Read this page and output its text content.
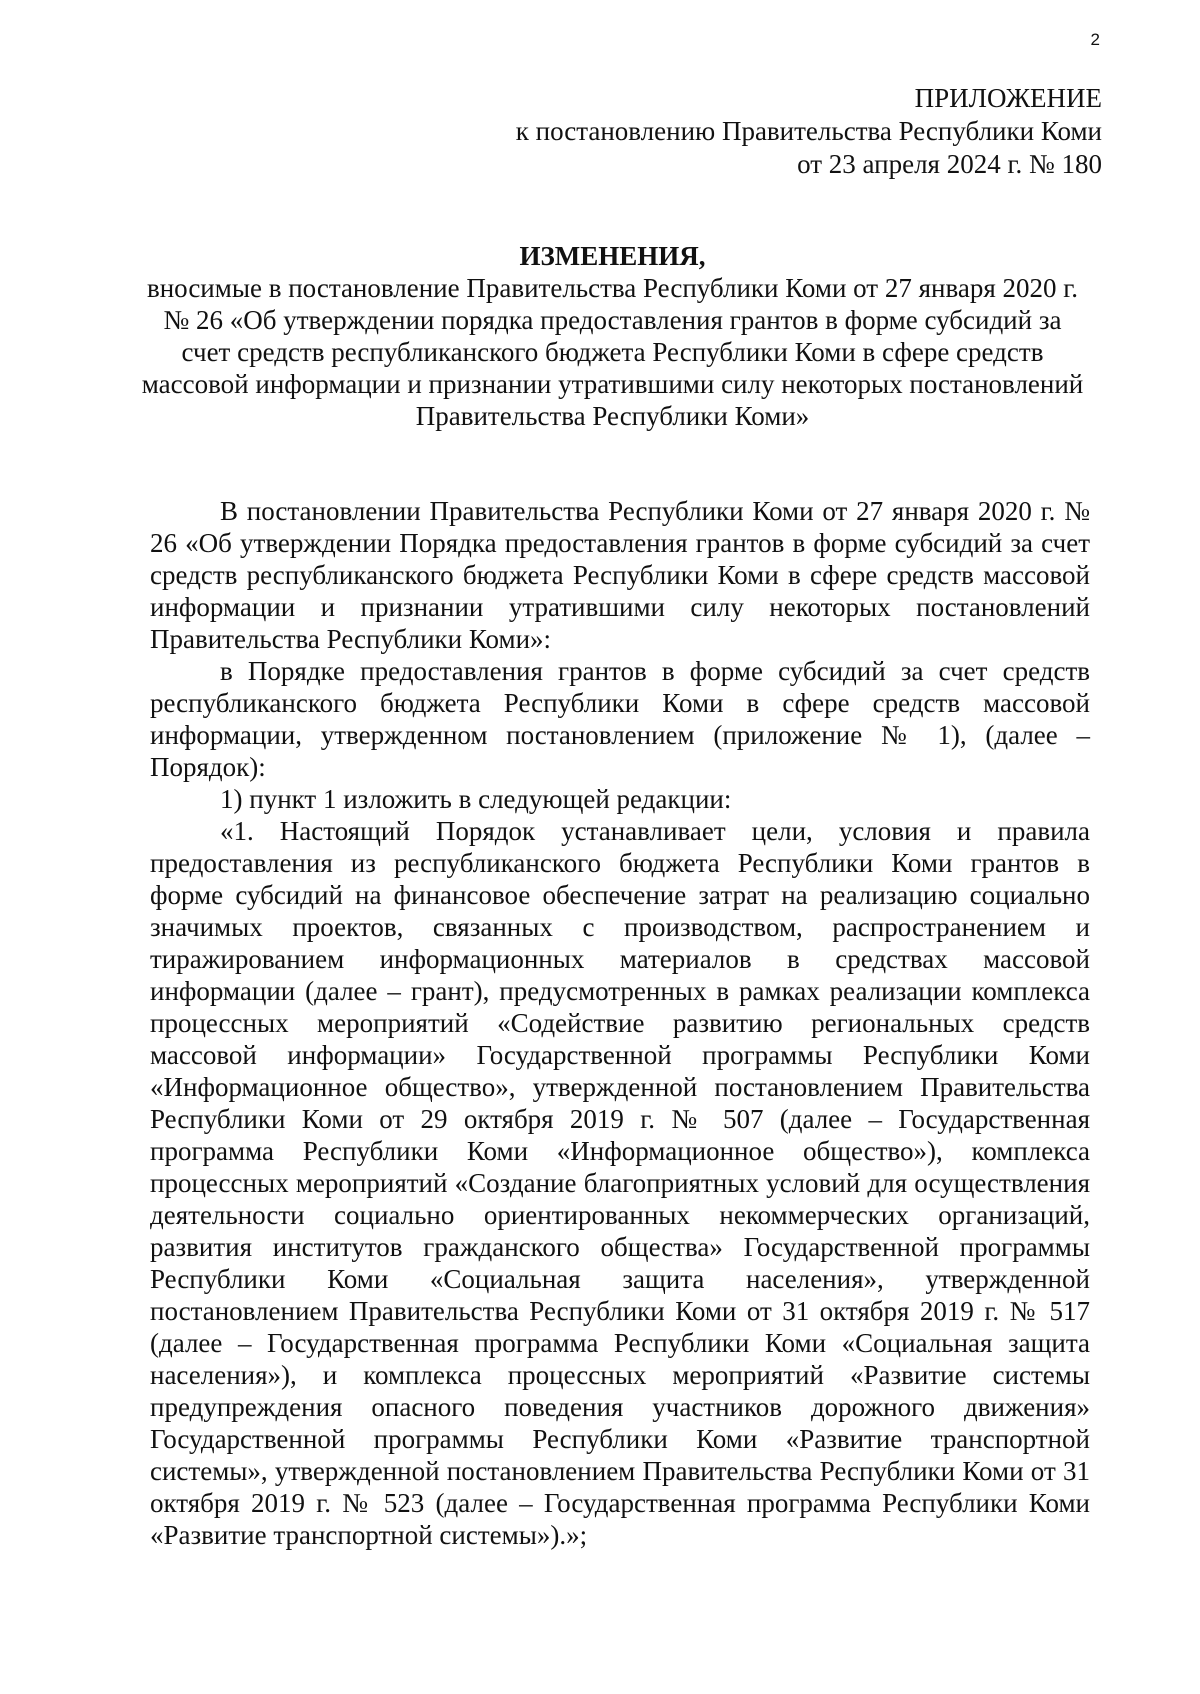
2
ПРИЛОЖЕНИЕ
к постановлению Правительства Республики Коми
от 23 апреля 2024 г. № 180
ИЗМЕНЕНИЯ,
вносимые в постановление Правительства Республики Коми от 27 января 2020 г. № 26 «Об утверждении порядка предоставления грантов в форме субсидий за счет средств республиканского бюджета Республики Коми в сфере средств массовой информации и признании утратившими силу некоторых постановлений Правительства Республики Коми»

В постановлении Правительства Республики Коми от 27 января 2020 г. № 26 «Об утверждении Порядка предоставления грантов в форме субсидий за счет средств республиканского бюджета Республики Коми в сфере средств массовой информации и признании утратившими силу некоторых постановлений Правительства Республики Коми»:

в Порядке предоставления грантов в форме субсидий за счет средств республиканского бюджета Республики Коми в сфере средств массовой информации, утвержденном постановлением (приложение № 1), (далее – Порядок):

1) пункт 1 изложить в следующей редакции:

«1. Настоящий Порядок устанавливает цели, условия и правила предоставления из республиканского бюджета Республики Коми грантов в форме субсидий на финансовое обеспечение затрат на реализацию социально значимых проектов, связанных с производством, распространением и тиражированием информационных материалов в средствах массовой информации (далее – грант), предусмотренных в рамках реализации комплекса процессных мероприятий «Содействие развитию региональных средств массовой информации» Государственной программы Республики Коми «Информационное общество», утвержденной постановлением Правительства Республики Коми от 29 октября 2019 г. № 507 (далее – Государственная программа Республики Коми «Информационное общество»), комплекса процессных мероприятий «Создание благоприятных условий для осуществления деятельности социально ориентированных некоммерческих организаций, развития институтов гражданского общества» Государственной программы Республики Коми «Социальная защита населения», утвержденной постановлением Правительства Республики Коми от 31 октября 2019 г. № 517 (далее – Государственная программа Республики Коми «Социальная защита населения»), и комплекса процессных мероприятий «Развитие системы предупреждения опасного поведения участников дорожного движения» Государственной программы Республики Коми «Развитие транспортной системы», утвержденной постановлением Правительства Республики Коми от 31 октября 2019 г. № 523 (далее – Государственная программа Республики Коми «Развитие транспортной системы»).»;
